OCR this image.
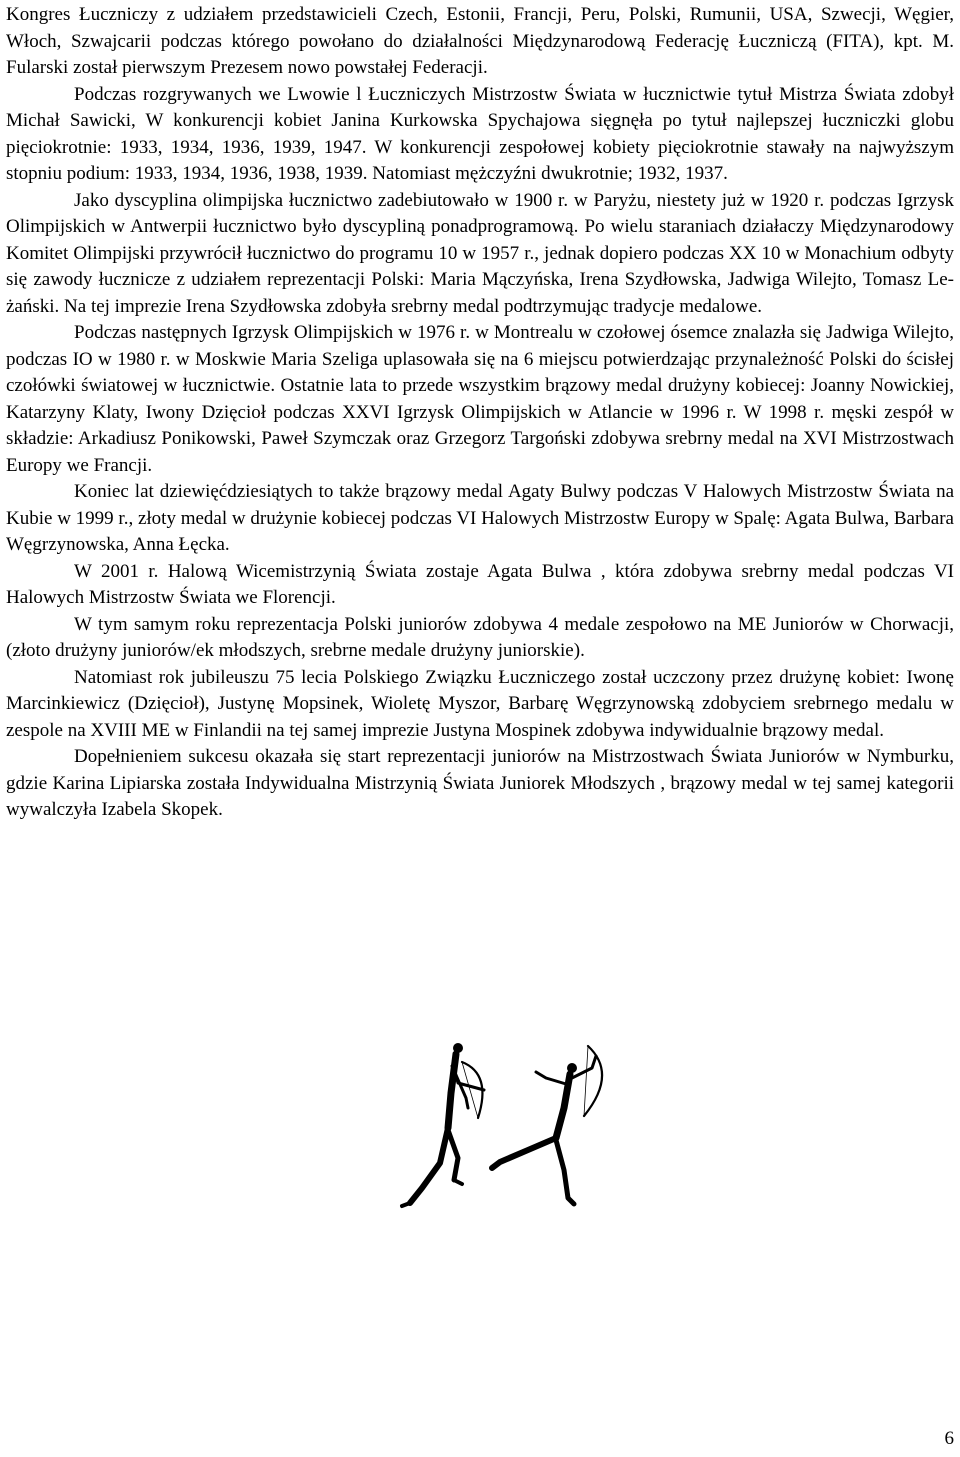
Kongres Łuczniczy z udziałem przedstawicieli Czech, Estonii, Francji, Peru, Polski, Rumunii, USA, Szwecji, Węgier, Włoch, Szwajcarii podczas którego powołano do działalności Międzynarodową Federację Łuczniczą (FITA), kpt. M. Fularski został pierwszym Prezesem nowo powstałej Federacji.

Podczas rozgrywanych we Lwowie l Łuczniczych Mistrzostw Świata w łucznictwie tytuł Mistrza Świata zdobył Michał Sawicki, W konkurencji kobiet Janina Kurkowska Spychajowa sięgnęła po tytuł najlepszej łuczniczki globu pięciokrotnie: 1933, 1934, 1936, 1939, 1947. W konkurencji zespołowej kobiety pięciokrotnie stawały na najwyższym stopniu podium: 1933, 1934, 1936, 1938, 1939. Natomiast mężczyźni dwukrotnie; 1932, 1937.

Jako dyscyplina olimpijska łucznictwo zadebiutowało w 1900 r. w Paryżu, niestety już w 1920 r. podczas Igrzysk Olimpijskich w Antwerpii łucznictwo było dyscypliną ponadprogramową. Po wielu staraniach działaczy Międzynarodowy Komitet Olimpijski przywrócił łucznictwo do programu 10 w 1957 r., jednak dopiero podczas XX 10 w Monachium odbyty się zawody łucznicze z udziałem reprezentacji Polski: Maria Mączyńska, Irena Szydłowska, Jadwiga Wilejto, Tomasz Leżański. Na tej imprezie Irena Szydłowska zdobyła srebrny medal podtrzymując tradycje medalowe.

Podczas następnych Igrzysk Olimpijskich w 1976 r. w Montrealu w czołowej ósemce znalazła się Jadwiga Wilejto, podczas IO w 1980 r. w Moskwie Maria Szeliga uplasowała się na 6 miejscu potwierdzając przynależność Polski do ścisłej czołówki światowej w łucznictwie. Ostatnie lata to przede wszystkim brązowy medal drużyny kobiecej: Joanny Nowickiej, Katarzyny Klaty, Iwony Dzięcioł podczas XXVI Igrzysk Olimpijskich w Atlancie w 1996 r. W 1998 r. męski zespół w składzie: Arkadiusz Ponikowski, Paweł Szymczak oraz Grzegorz Targoński zdobywa srebrny medal na XVI Mistrzostwach Europy we Francji.

Koniec lat dziewięćdziesiątych to także brązowy medal Agaty Bulwy podczas V Halowych Mistrzostw Świata na Kubie w 1999 r., złoty medal w drużynie kobiecej podczas VI Halowych Mistrzostw Europy w Spalę: Agata Bulwa, Barbara Węgrzynowska, Anna Łęcka.

W 2001 r. Halową Wicemistrzynią Świata zostaje Agata Bulwa , która zdobywa srebrny medal podczas VI Halowych Mistrzostw Świata we Florencji.

W tym samym roku reprezentacja Polski juniorów zdobywa 4 medale zespołowo na ME Juniorów w Chorwacji, (złoto drużyny juniorów/ek młodszych, srebrne medale drużyny juniorskie).

Natomiast rok jubileuszu 75 lecia Polskiego Związku Łuczniczego został uczczony przez drużynę kobiet: Iwonę Marcinkiewicz (Dzięcioł), Justynę Mopsinek, Wioletę Myszor, Barbarę Węgrzynowską zdobyciem srebrnego medalu w zespole na XVIII ME w Finlandii na tej samej imprezie Justyna Mospinek zdobywa indywidualnie brązowy medal.

Dopełnieniem sukcesu okazała się start reprezentacji juniorów na Mistrzostwach Świata Juniorów w Nymburku, gdzie Karina Lipiarska została Indywidualna Mistrzynią Świata Juniorek Młodszych , brązowy medal w tej samej kategorii wywalczyła Izabela Skopek.

6
